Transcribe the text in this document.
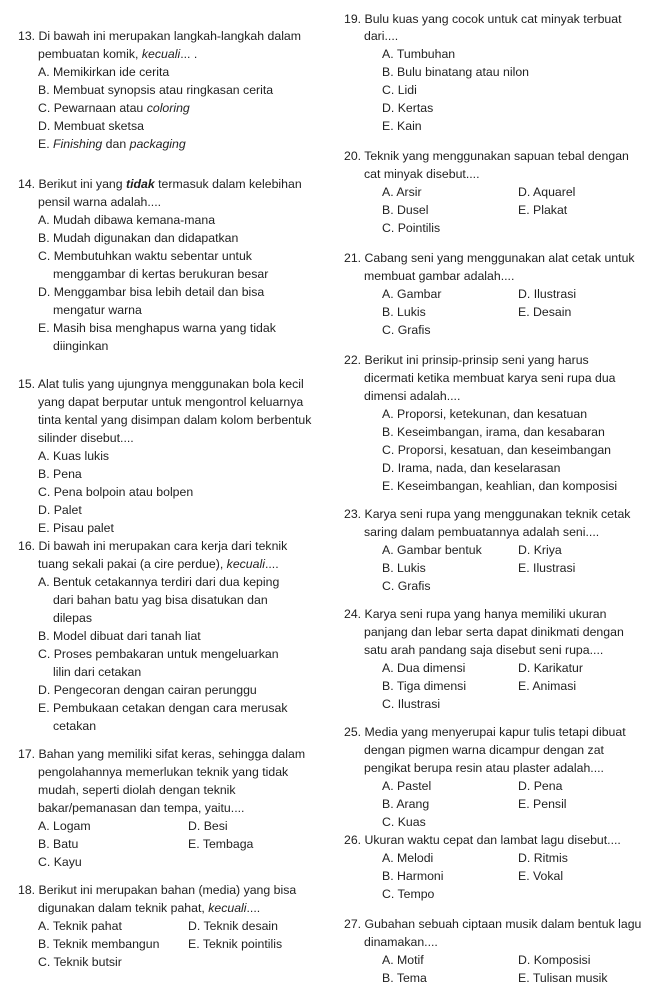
13. Di bawah ini merupakan langkah-langkah dalam
pembuatan komik, kecuali... .
A. Memikirkan ide cerita
B. Membuat synopsis atau ringkasan cerita
C. Pewarnaan atau coloring
D. Membuat sketsa
E. Finishing dan packaging
14. Berikut ini yang tidak termasuk dalam kelebihan
pensil warna adalah....
A. Mudah dibawa kemana-mana
B. Mudah digunakan dan didapatkan
C. Membutuhkan waktu sebentar untuk
menggambar di kertas berukuran besar
D. Menggambar bisa lebih detail dan bisa
mengatur warna
E. Masih bisa menghapus warna yang tidak
diinginkan
15. Alat tulis yang ujungnya menggunakan bola kecil
yang dapat berputar untuk mengontrol keluarnya
tinta kental yang disimpan dalam kolom berbentuk
silinder disebut....
A. Kuas lukis
B. Pena
C. Pena bolpoin atau bolpen
D. Palet
E. Pisau palet
16. Di bawah ini merupakan cara kerja dari teknik
tuang sekali pakai (a cire perdue), kecuali....
A. Bentuk cetakannya terdiri dari dua keping
dari bahan batu yag bisa disatukan dan
dilepas
B. Model dibuat dari tanah liat
C. Proses pembakaran untuk mengeluarkan
lilin dari cetakan
D. Pengecoran dengan cairan perunggu
E. Pembukaan cetakan dengan cara merusak
cetakan
17. Bahan yang memiliki sifat keras, sehingga dalam
pengolahannya memerlukan teknik yang tidak
mudah, seperti diolah dengan teknik
bakar/pemanasan dan tempa, yaitu....
A. Logam	D. Besi
B. Batu	E. Tembaga
C. Kayu
18. Berikut ini merupakan bahan (media) yang bisa
digunakan dalam teknik pahat, kecuali....
A. Teknik pahat	D. Teknik desain
B. Teknik membangun E. Teknik pointilis
C. Teknik butsir
19. Bulu kuas yang cocok untuk cat minyak terbuat
dari....
A. Tumbuhan
B. Bulu binatang atau nilon
C. Lidi
D. Kertas
E. Kain
20. Teknik yang menggunakan sapuan tebal dengan
cat minyak disebut....
A. Arsir	D. Aquarel
B. Dusel	E. Plakat
C. Pointilis
21. Cabang seni yang menggunakan alat cetak untuk
membuat gambar adalah....
A. Gambar	D. Ilustrasi
B. Lukis	E. Desain
C. Grafis
22. Berikut ini prinsip-prinsip seni yang harus
dicermati ketika membuat karya seni rupa dua
dimensi adalah....
A. Proporsi, ketekunan, dan kesatuan
B. Keseimbangan, irama, dan kesabaran
C. Proporsi, kesatuan, dan keseimbangan
D. Irama, nada, dan keselarasan
E. Keseimbangan, keahlian, dan komposisi
23. Karya seni rupa yang menggunakan teknik cetak
saring dalam pembuatannya adalah seni....
A. Gambar bentuk	D. Kriya
B. Lukis	E. Ilustrasi
C. Grafis
24. Karya seni rupa yang hanya memiliki ukuran
panjang dan lebar serta dapat dinikmati dengan
satu arah pandang saja disebut seni rupa....
A. Dua dimensi	D. Karikatur
B. Tiga dimensi	E. Animasi
C. Ilustrasi
25. Media yang menyerupai kapur tulis tetapi dibuat
dengan pigmen warna dicampur dengan zat
pengikat berupa resin atau plaster adalah....
A. Pastel	D. Pena
B. Arang	E. Pensil
C. Kuas
26. Ukuran waktu cepat dan lambat lagu disebut....
A. Melodi	D. Ritmis
B. Harmoni	E. Vokal
C. Tempo
27. Gubahan sebuah ciptaan musik dalam bentuk lagu
dinamakan....
A. Motif	D. Komposisi
B. Tema	E. Tulisan musik
